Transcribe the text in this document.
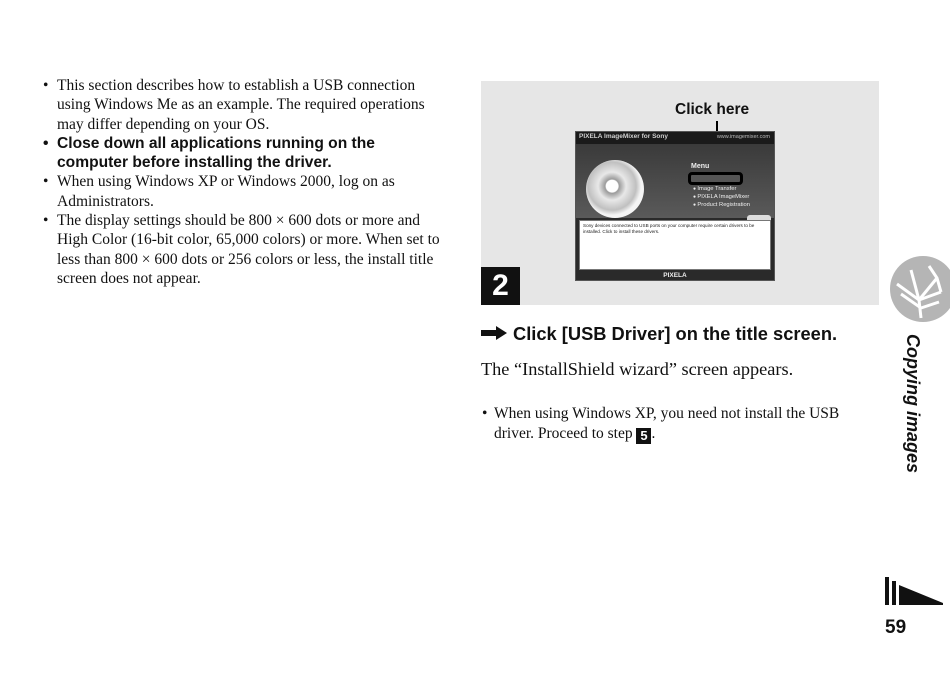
• This section describes how to establish a USB connection using Windows Me as an example. The required operations may differ depending on your OS.
• Close down all applications running on the computer before installing the driver.
• When using Windows XP or Windows 2000, log on as Administrators.
• The display settings should be 800 × 600 dots or more and High Color (16-bit color, 65,000 colors) or more. When set to less than 800 × 600 dots or 256 colors or less, the install title screen does not appear.
Click here
2
PIXELA ImageMixer for Sony	www.imagemixer.com
Menu
● Image Transfer
● PIXELA ImageMixer
● Product Registration
Sony devices connected to USB ports on your computer require certain drivers to be installed. Click to install these drivers.
PIXELA
Click [USB Driver] on the title screen.
The “InstallShield wizard” screen appears.
• When using Windows XP, you need not install the USB driver. Proceed to step 5 .	Copying images
59
